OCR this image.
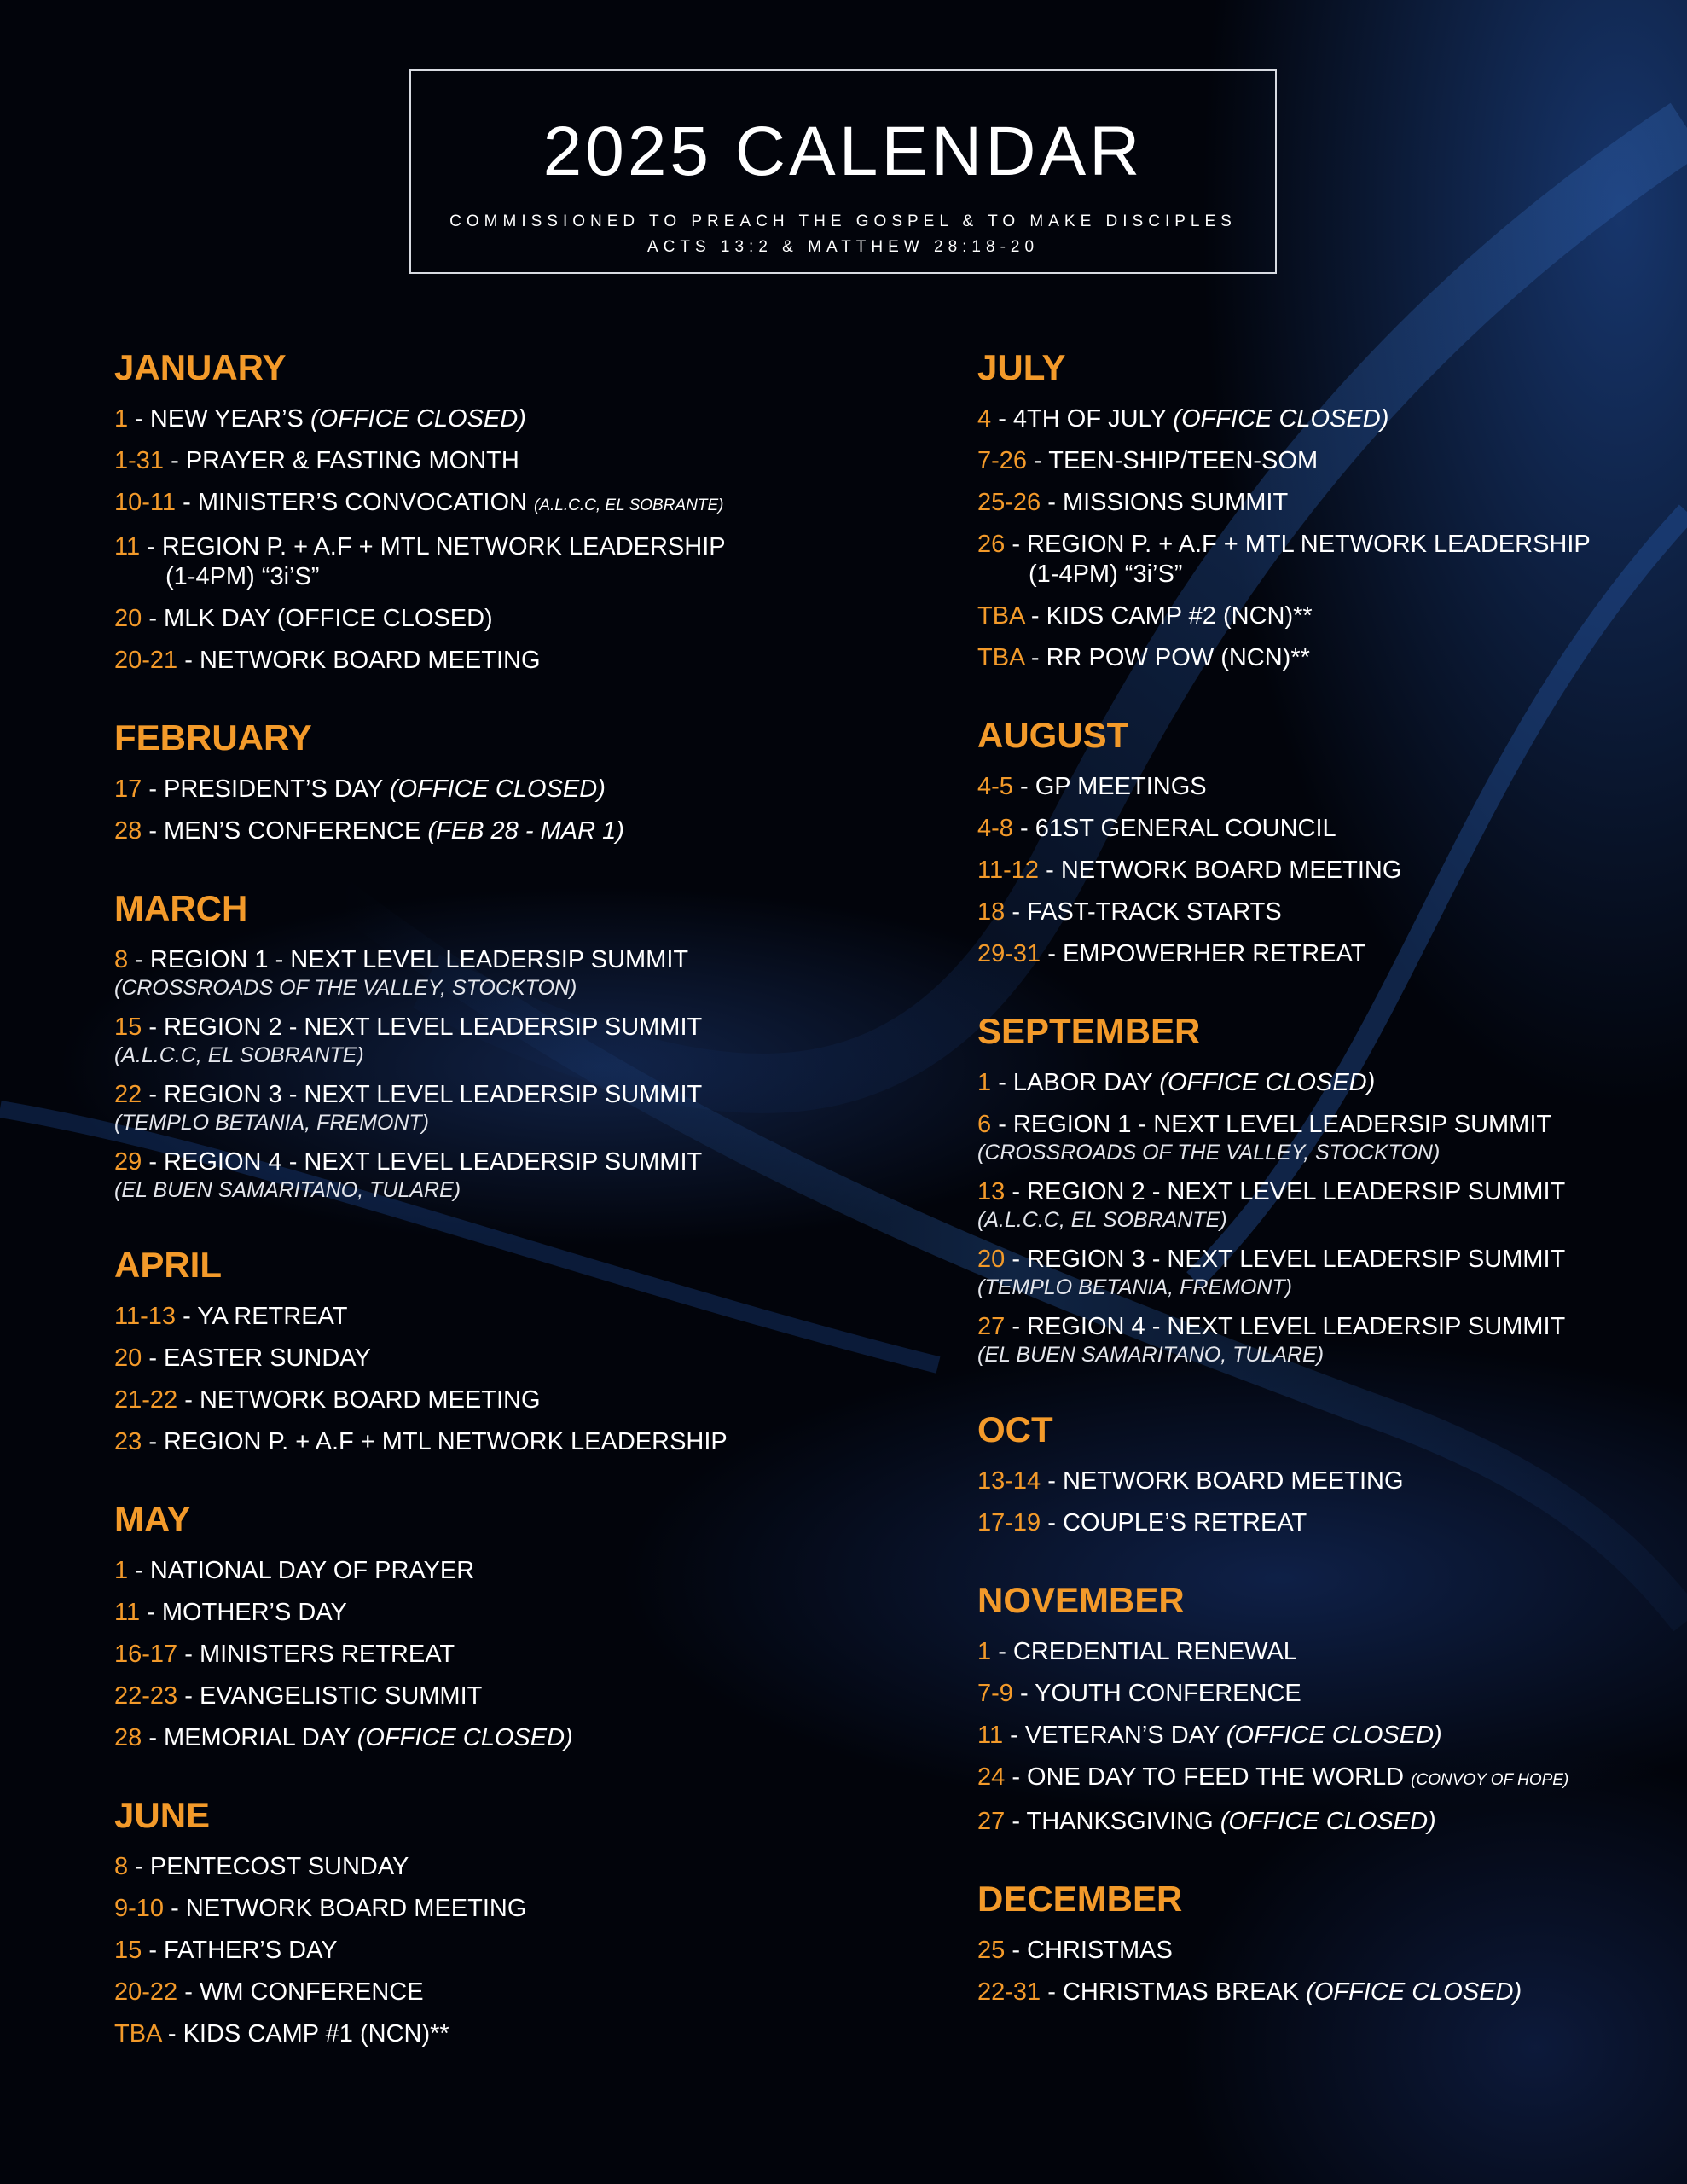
2025 CALENDAR
COMMISSIONED TO PREACH THE GOSPEL & TO MAKE DISCIPLES
ACTS 13:2 & MATTHEW 28:18-20
JANUARY
1 - NEW YEAR’S (OFFICE CLOSED)
1-31 - PRAYER & FASTING MONTH
10-11 - MINISTER’S CONVOCATION (A.L.C.C, EL SOBRANTE)
11 - REGION P. + A.F + MTL NETWORK LEADERSHIP
(1-4PM) “3i’S”
20 - MLK DAY (OFFICE CLOSED)
20-21 - NETWORK BOARD MEETING
FEBRUARY
17 - PRESIDENT’S DAY (OFFICE CLOSED)
28 - MEN’S CONFERENCE (FEB 28 - MAR 1)
MARCH
8 - REGION 1 - NEXT LEVEL LEADERSIP SUMMIT
(CROSSROADS OF THE VALLEY, STOCKTON)
15 - REGION 2 - NEXT LEVEL LEADERSIP SUMMIT
(A.L.C.C, EL SOBRANTE)
22 - REGION 3 - NEXT LEVEL LEADERSIP SUMMIT
(TEMPLO BETANIA, FREMONT)
29 - REGION 4 - NEXT LEVEL LEADERSIP SUMMIT
(EL BUEN SAMARITANO, TULARE)
APRIL
11-13 - YA RETREAT
20 - EASTER SUNDAY
21-22 - NETWORK BOARD MEETING
23 - REGION P. + A.F + MTL NETWORK LEADERSHIP
MAY
1 - NATIONAL DAY OF PRAYER
11 - MOTHER’S DAY
16-17 - MINISTERS RETREAT
22-23 - EVANGELISTIC SUMMIT
28 - MEMORIAL DAY (OFFICE CLOSED)
JUNE
8 - PENTECOST SUNDAY
9-10 - NETWORK BOARD MEETING
15 - FATHER’S DAY
20-22 - WM CONFERENCE
TBA - KIDS CAMP #1 (NCN)**
JULY
4 - 4TH OF JULY (OFFICE CLOSED)
7-26 - TEEN-SHIP/TEEN-SOM
25-26 - MISSIONS SUMMIT
26 - REGION P. + A.F + MTL NETWORK LEADERSHIP
(1-4PM) “3i’S”
TBA - KIDS CAMP #2 (NCN)**
TBA - RR POW POW (NCN)**
AUGUST
4-5 - GP MEETINGS
4-8 - 61ST GENERAL COUNCIL
11-12 - NETWORK BOARD MEETING
18 - FAST-TRACK STARTS
29-31 - EMPOWERHER RETREAT
SEPTEMBER
1 - LABOR DAY (OFFICE CLOSED)
6 - REGION 1 - NEXT LEVEL LEADERSIP SUMMIT
(CROSSROADS OF THE VALLEY, STOCKTON)
13 - REGION 2 - NEXT LEVEL LEADERSIP SUMMIT
(A.L.C.C, EL SOBRANTE)
20 - REGION 3 - NEXT LEVEL LEADERSIP SUMMIT
(TEMPLO BETANIA, FREMONT)
27 - REGION 4 - NEXT LEVEL LEADERSIP SUMMIT
(EL BUEN SAMARITANO, TULARE)
OCT
13-14 - NETWORK BOARD MEETING
17-19 - COUPLE’S RETREAT
NOVEMBER
1 - CREDENTIAL RENEWAL
7-9 - YOUTH CONFERENCE
11 - VETERAN’S DAY (OFFICE CLOSED)
24 - ONE DAY TO FEED THE WORLD (CONVOY OF HOPE)
27 - THANKSGIVING (OFFICE CLOSED)
DECEMBER
25 - CHRISTMAS
22-31 - CHRISTMAS BREAK (OFFICE CLOSED)
